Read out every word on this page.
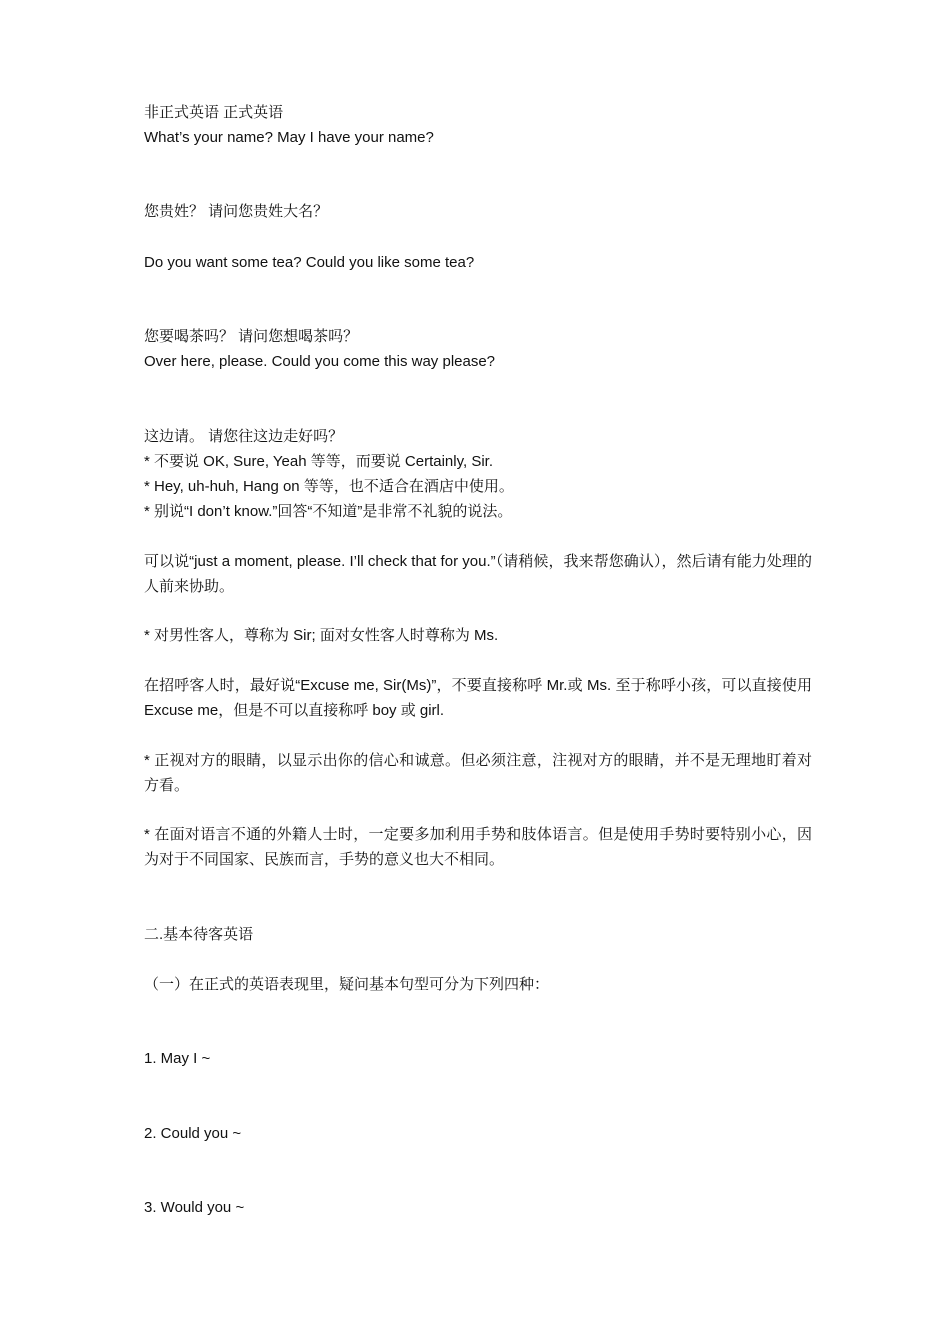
非正式英语 正式英语
What’s your name? May I have your name?
您贵姓？ 请问您贵姓大名？
Do you want some tea? Could you like some tea?
您要喝茶吗？ 请问您想喝茶吗？
Over here, please. Could you come this way please?
这边请。 请您往这边走好吗？
* 不要说 OK, Sure, Yeah 等等，而要说 Certainly, Sir.
* Hey, uh-huh, Hang on 等等，也不适合在酒店中使用。
* 别说“I don’t know.”回答“不知道”是非常不礼貌的说法。
可以说“just a moment, please. I’ll check that for you.”（请稍候，我来帮您确认），然后请有能力处理的人前来协助。
* 对男性客人，尊称为 Sir; 面对女性客人时尊称为 Ms.
在招呼客人时，最好说“Excuse me, Sir(Ms)”，不要直接称呼 Mr.或 Ms. 至于称呼小孩，可以直接使用 Excuse me，但是不可以直接称呼 boy 或 girl.
* 正视对方的眼睛，以显示出你的信心和诚意。但必须注意，注视对方的眼睛，并不是无理地盯着对方看。
* 在面对语言不通的外籍人士时，一定要多加利用手势和肢体语言。但是使用手势时要特别小心，因为对于不同国家、民族而言，手势的意义也大不相同。
二.基本待客英语
（一）在正式的英语表现里，疑问基本句型可分为下列四种：
1. May I ~
2. Could you ~
3. Would you ~
